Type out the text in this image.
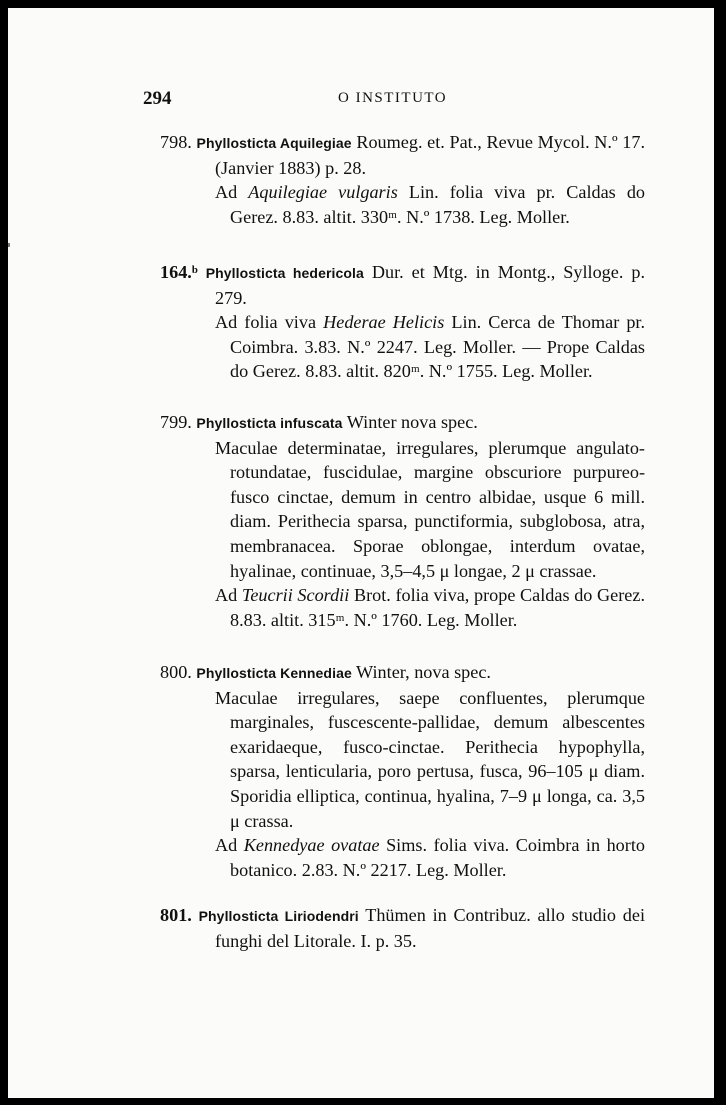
294	O INSTITUTO

798. Phyllosticta Aquilegiae Roumeg. et. Pat., Revue Mycol. N.º 17. (Janvier 1883) p. 28.

Ad Aquilegiae vulgaris Lin. folia viva pr. Caldas do Gerez. 8.83. altit. 330ᵐ. N.º 1738. Leg. Moller.

164.ᵇ Phyllosticta hedericola Dur. et Mtg. in Montg., Sylloge. p. 279.

Ad folia viva Hederae Helicis Lin. Cerca de Thomar pr. Coimbra. 3.83. N.º 2247. Leg. Moller. — Prope Caldas do Gerez. 8.83. altit. 820ᵐ. N.º 1755. Leg. Moller.

799. Phyllosticta infuscata Winter nova spec.

Maculae determinatae, irregulares, plerumque angulato-rotundatae, fuscidulae, margine obscuriore purpureo-fusco cinctae, demum in centro albidae, usque 6 mill. diam. Perithecia sparsa, punctiformia, subglobosa, atra, membranacea. Sporae oblongae, interdum ovatae, hyalinae, continuae, 3,5–4,5 μ longae, 2 μ crassae.

Ad Teucrii Scordii Brot. folia viva, prope Caldas do Gerez. 8.83. altit. 315ᵐ. N.º 1760. Leg. Moller.

800. Phyllosticta Kennediae Winter, nova spec.

Maculae irregulares, saepe confluentes, plerumque marginales, fuscescente-pallidae, demum albescentes exaridaeque, fusco-cinctae. Perithecia hypophylla, sparsa, lenticularia, poro pertusa, fusca, 96–105 μ diam. Sporidia elliptica, continua, hyalina, 7–9 μ longa, ca. 3,5 μ crassa.

Ad Kennedyae ovatae Sims. folia viva. Coimbra in horto botanico. 2.83. N.º 2217. Leg. Moller.

801. Phyllosticta Liriodendri Thümen in Contribuz. allo studio dei funghi del Litorale. I. p. 35.
